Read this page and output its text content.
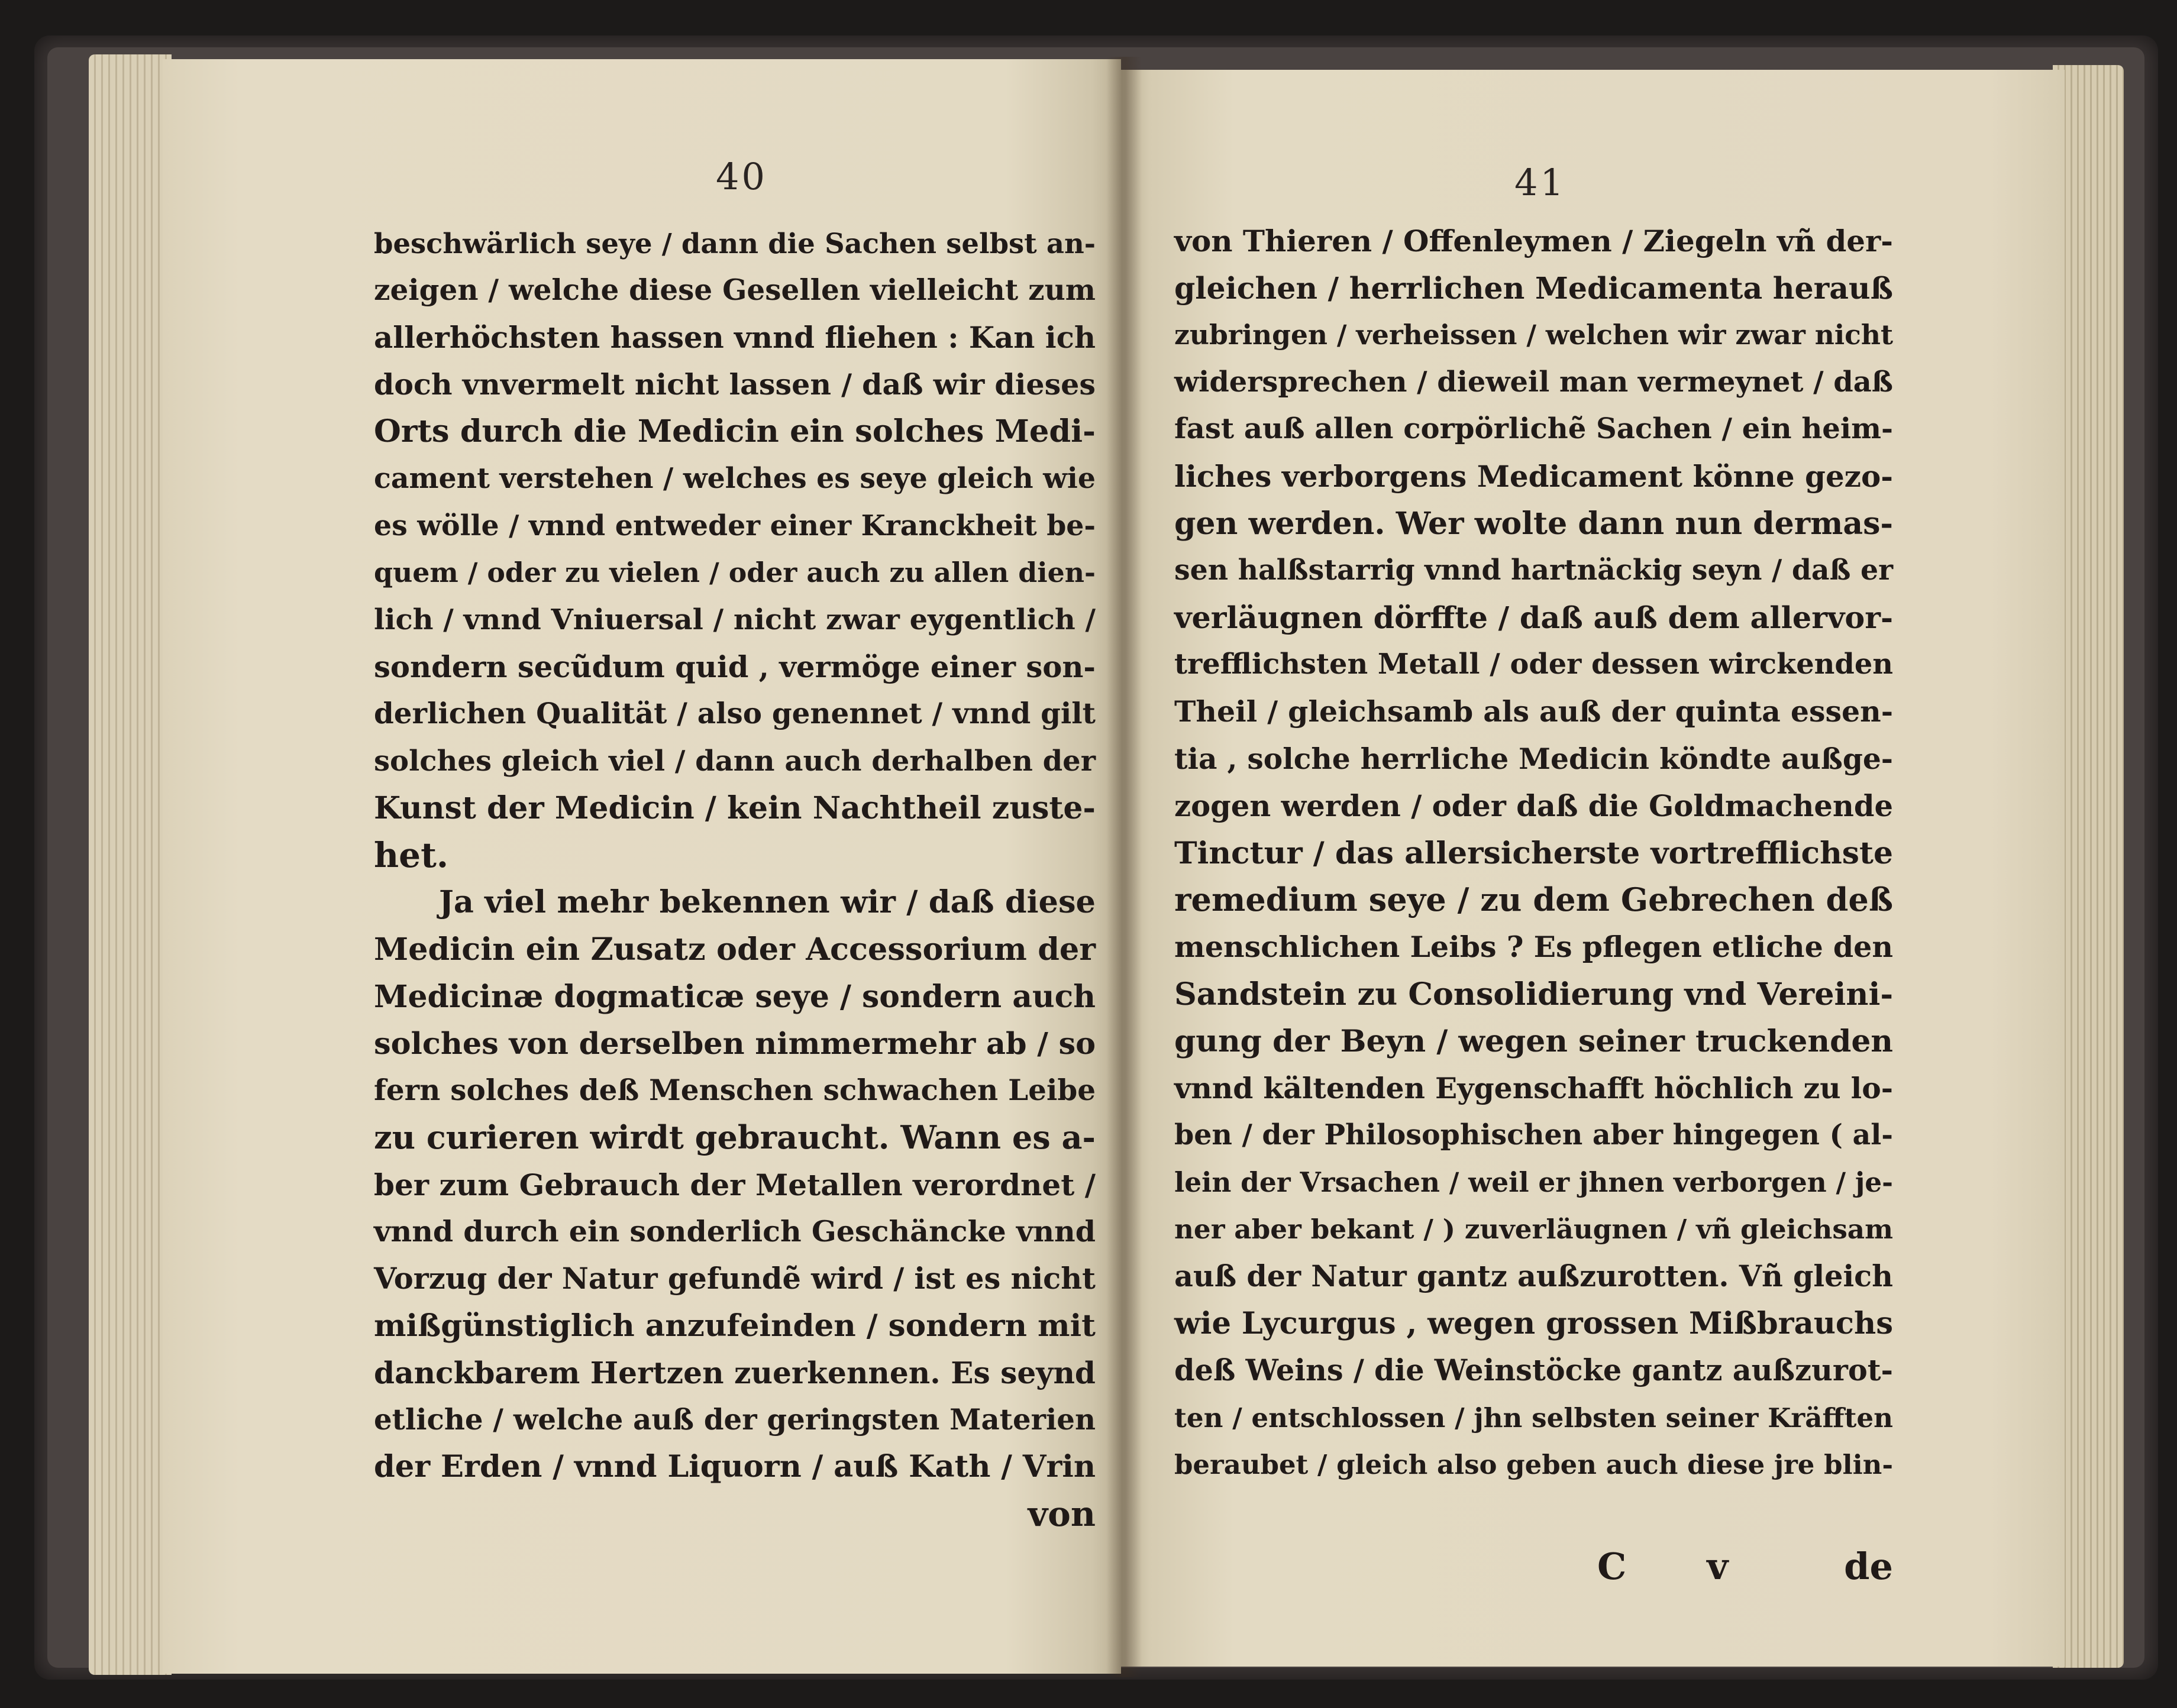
40	41
beschwärlich seye / dann die Sachen selbst an-
zeigen / welche diese Gesellen vielleicht zum
allerhöchsten hassen vnnd fliehen : Kan ich
doch vnvermelt nicht lassen / daß wir dieses
Orts durch die Medicin ein solches Medi-
cament verstehen / welches es seye gleich wie
es wölle / vnnd entweder einer Kranckheit be-
quem / oder zu vielen / oder auch zu allen dien-
lich / vnnd Vniuersal / nicht zwar eygentlich /
sondern secũdum quid , vermöge einer son-
derlichen Qualität / also genennet / vnnd gilt
solches gleich viel / dann auch derhalben der
Kunst der Medicin / kein Nachtheil zuste-
het.
Ja viel mehr bekennen wir / daß diese
Medicin ein Zusatz oder Accessorium der
Medicinæ dogmaticæ seye / sondern auch
solches von derselben nimmermehr ab / so
fern solches deß Menschen schwachen Leibe
zu curieren wirdt gebraucht. Wann es a-
ber zum Gebrauch der Metallen verordnet /
vnnd durch ein sonderlich Geschäncke vnnd
Vorzug der Natur gefundẽ wird / ist es nicht
mißgünstiglich anzufeinden / sondern mit
danckbarem Hertzen zuerkennen. Es seynd
etliche / welche auß der geringsten Materien
der Erden / vnnd Liquorn / auß Kath / Vrin
von
von Thieren / Offenleymen / Ziegeln vñ der-
gleichen / herrlichen Medicamenta herauß
zubringen / verheissen / welchen wir zwar nicht
widersprechen / dieweil man vermeynet / daß
fast auß allen corpörlichẽ Sachen / ein heim-
liches verborgens Medicament könne gezo-
gen werden. Wer wolte dann nun dermas-
sen halßstarrig vnnd hartnäckig seyn / daß er
verläugnen dörffte / daß auß dem allervor-
trefflichsten Metall / oder dessen wirckenden
Theil / gleichsamb als auß der quinta essen-
tia , solche herrliche Medicin köndte außge-
zogen werden / oder daß die Goldmachende
Tinctur / das allersicherste vortrefflichste
remedium seye / zu dem Gebrechen deß
menschlichen Leibs ? Es pflegen etliche den
Sandstein zu Consolidierung vnd Vereini-
gung der Beyn / wegen seiner truckenden
vnnd kältenden Eygenschafft höchlich zu lo-
ben / der Philosophischen aber hingegen ( al-
lein der Vrsachen / weil er jhnen verborgen / je-
ner aber bekant / ) zuverläugnen / vñ gleichsam
auß der Natur gantz außzurotten. Vñ gleich
wie Lycurgus , wegen grossen Mißbrauchs
deß Weins / die Weinstöcke gantz außzurot-
ten / entschlossen / jhn selbsten seiner Kräfften
beraubet / gleich also geben auch diese jre blin-
C v	de
